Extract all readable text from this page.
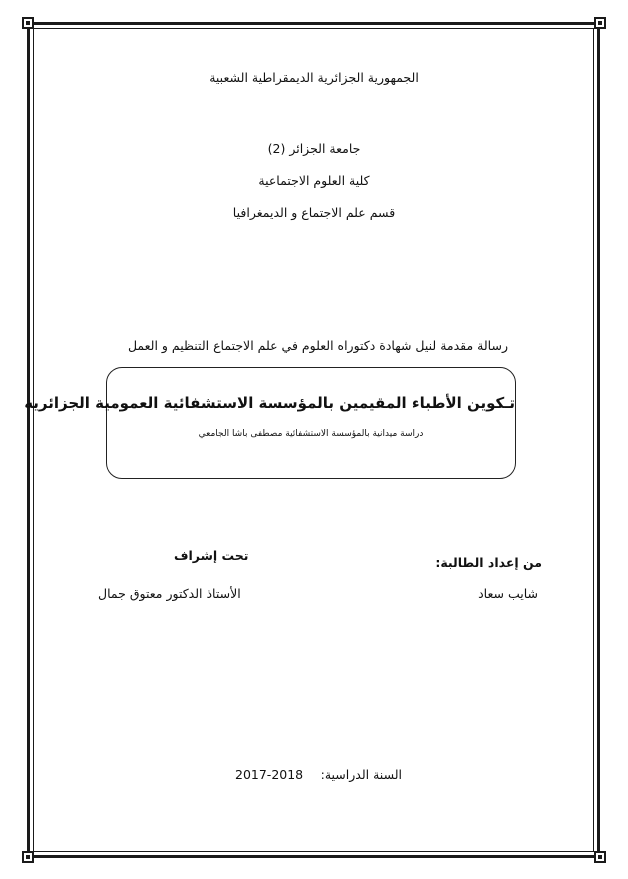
الجمهورية الجزائرية الديمقراطية الشعبية
جامعة الجزائر (2)
كلية العلوم الاجتماعية
قسم علم الاجتماع و الديمغرافيا
رسالة مقدمة لنيل شهادة دكتوراه العلوم في علم الاجتماع التنظيم و العمل
تـكوين الأطباء المقيمين بالمؤسسة الاستشفائية العمومية الجزائرية
دراسة ميدانية بالمؤسسة الاستشفائية مصطفى باشا الجامعي
من إعداد الطالبة:
شايب سعاد
تحت إشراف
الأستاذ الدكتور معتوق جمال
السنة الدراسية:
2017-2018
